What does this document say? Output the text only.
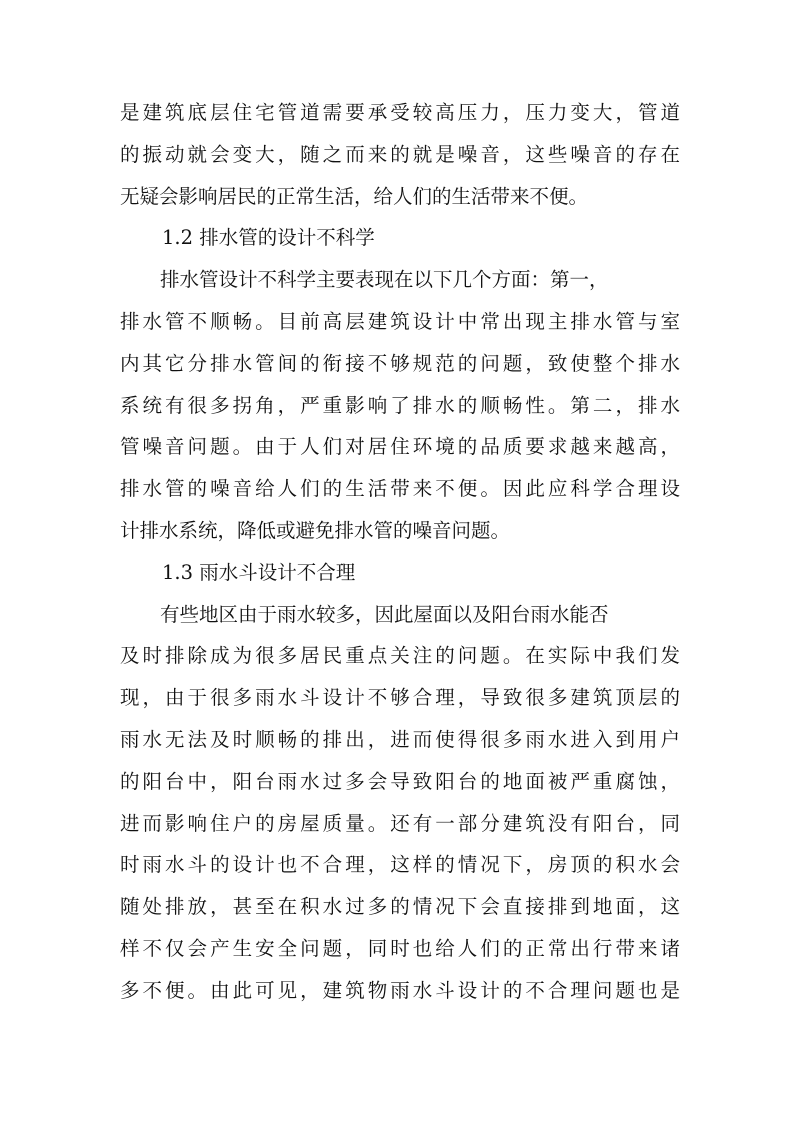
是建筑底层住宅管道需要承受较高压力，压力变大，管道
的振动就会变大，随之而来的就是噪音，这些噪音的存在
无疑会影响居民的正常生活，给人们的生活带来不便。
1.2 排水管的设计不科学
排水管设计不科学主要表现在以下几个方面：第一，
排水管不顺畅。目前高层建筑设计中常出现主排水管与室
内其它分排水管间的衔接不够规范的问题，致使整个排水
系统有很多拐角，严重影响了排水的顺畅性。第二，排水
管噪音问题。由于人们对居住环境的品质要求越来越高，
排水管的噪音给人们的生活带来不便。因此应科学合理设
计排水系统，降低或避免排水管的噪音问题。
1.3 雨水斗设计不合理
有些地区由于雨水较多，因此屋面以及阳台雨水能否
及时排除成为很多居民重点关注的问题。在实际中我们发
现，由于很多雨水斗设计不够合理，导致很多建筑顶层的
雨水无法及时顺畅的排出，进而使得很多雨水进入到用户
的阳台中，阳台雨水过多会导致阳台的地面被严重腐蚀，
进而影响住户的房屋质量。还有一部分建筑没有阳台，同
时雨水斗的设计也不合理，这样的情况下，房顶的积水会
随处排放，甚至在积水过多的情况下会直接排到地面，这
样不仅会产生安全问题，同时也给人们的正常出行带来诸
多不便。由此可见，建筑物雨水斗设计的不合理问题也是
